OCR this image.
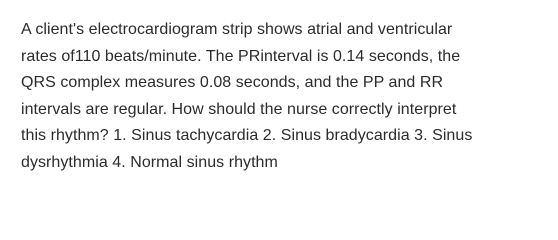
A client's electrocardiogram strip shows atrial and ventricular
rates of110 beats/minute. The PRinterval is 0.14 seconds, the
QRS complex measures 0.08 seconds, and the PP and RR
intervals are regular. How should the nurse correctly interpret
this rhythm? 1. Sinus tachycardia 2. Sinus bradycardia 3. Sinus
dysrhythmia 4. Normal sinus rhythm
